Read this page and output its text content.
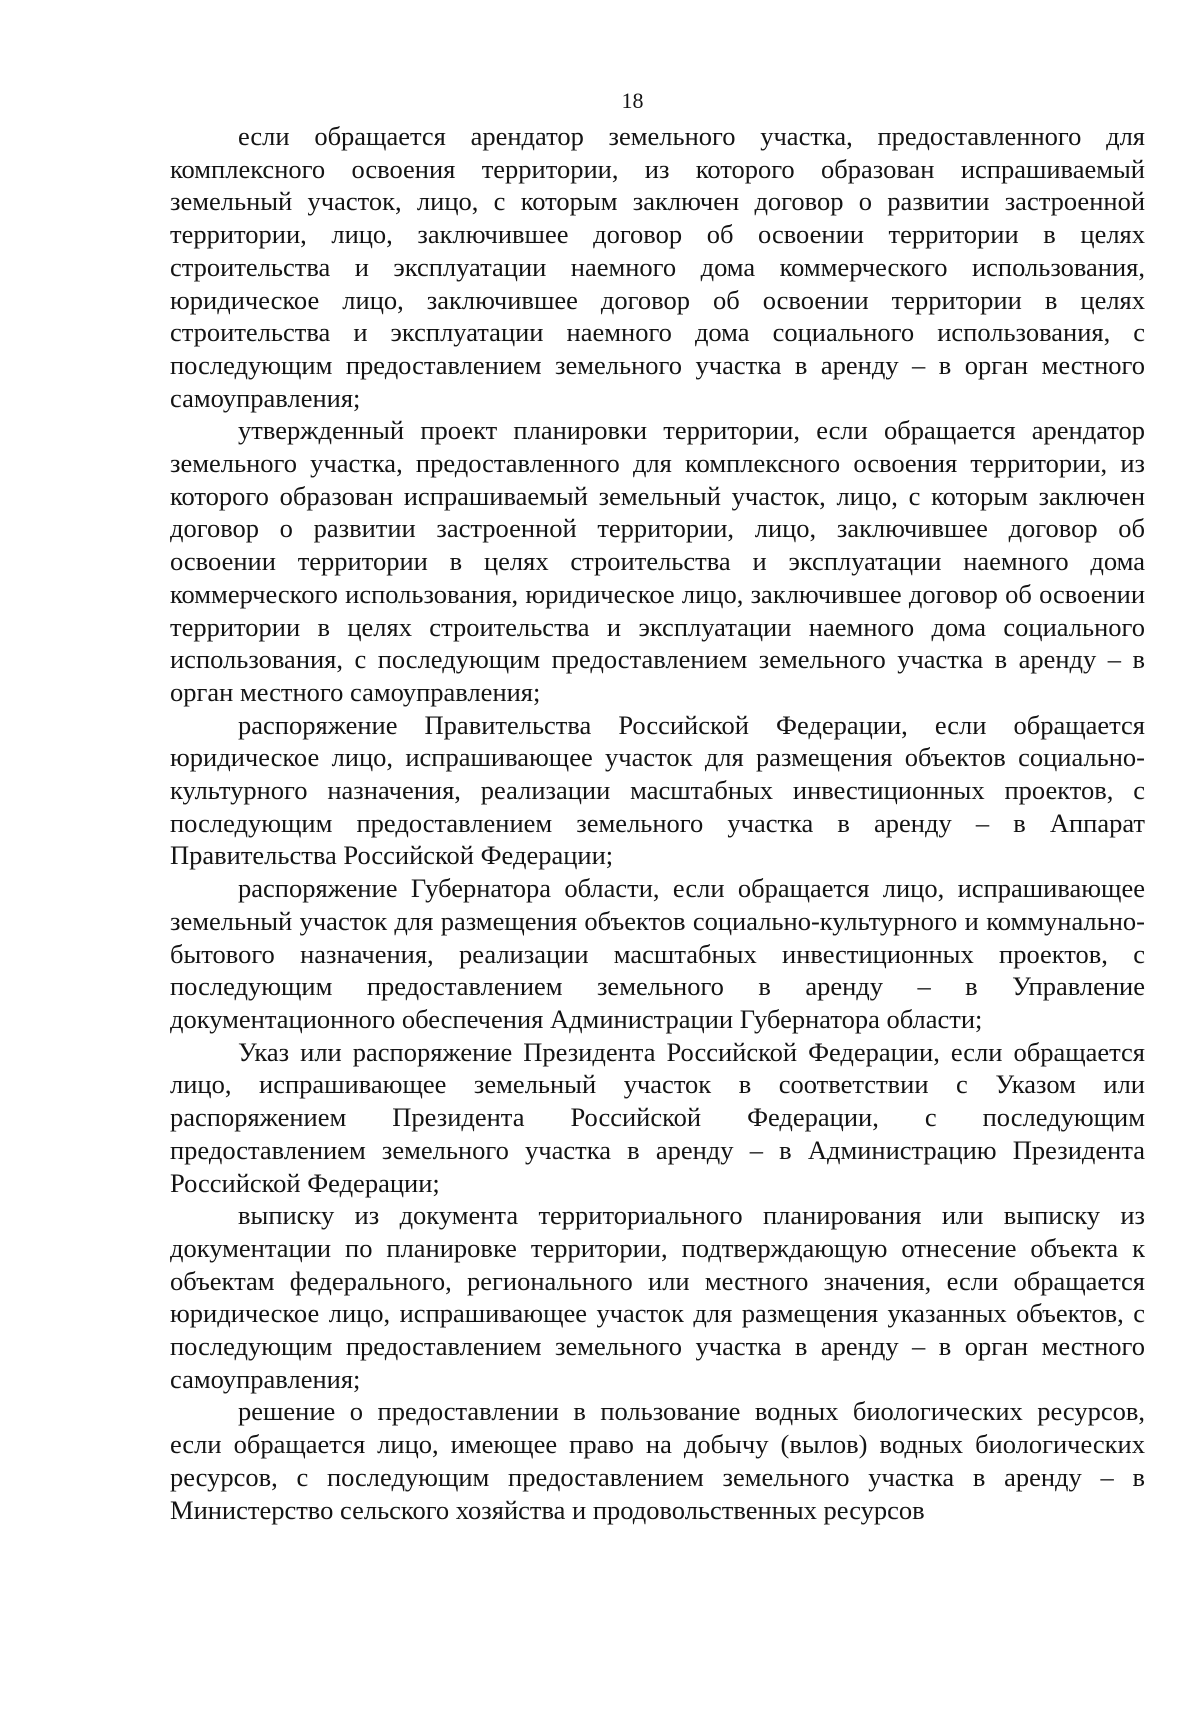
18

если обращается арендатор земельного участка, предоставленного для комплексного освоения территории, из которого образован испрашиваемый земельный участок, лицо, с которым заключен договор о развитии застроенной территории, лицо, заключившее договор об освоении территории в целях строительства и эксплуатации наемного дома коммерческого использования, юридическое лицо, заключившее договор об освоении территории в целях строительства и эксплуатации наемного дома социального использования, с последующим предоставлением земельного участка в аренду – в орган местного самоуправления;

утвержденный проект планировки территории, если обращается арендатор земельного участка, предоставленного для комплексного освоения территории, из которого образован испрашиваемый земельный участок, лицо, с которым заключен договор о развитии застроенной территории, лицо, заключившее договор об освоении территории в целях строительства и эксплуатации наемного дома коммерческого использования, юридическое лицо, заключившее договор об освоении территории в целях строительства и эксплуатации наемного дома социального использования, с последующим предоставлением земельного участка в аренду – в орган местного самоуправления;

распоряжение Правительства Российской Федерации, если обращается юридическое лицо, испрашивающее участок для размещения объектов социально-культурного назначения, реализации масштабных инвестиционных проектов, с последующим предоставлением земельного участка в аренду – в Аппарат Правительства Российской Федерации;

распоряжение Губернатора области, если обращается лицо, испрашивающее земельный участок для размещения объектов социально-культурного и коммунально-бытового назначения, реализации масштабных инвестиционных проектов, с последующим предоставлением земельного в аренду – в Управление документационного обеспечения Администрации Губернатора области;

Указ или распоряжение Президента Российской Федерации, если обращается лицо, испрашивающее земельный участок в соответствии с Указом или распоряжением Президента Российской Федерации, с последующим предоставлением земельного участка в аренду – в Администрацию Президента Российской Федерации;

выписку из документа территориального планирования или выписку из документации по планировке территории, подтверждающую отнесение объекта к объектам федерального, регионального или местного значения, если обращается юридическое лицо, испрашивающее участок для размещения указанных объектов, с последующим предоставлением земельного участка в аренду – в орган местного самоуправления;

решение о предоставлении в пользование водных биологических ресурсов, если обращается лицо, имеющее право на добычу (вылов) водных биологических ресурсов, с последующим предоставлением земельного участка в аренду – в Министерство сельского хозяйства и продовольственных ресурсов
